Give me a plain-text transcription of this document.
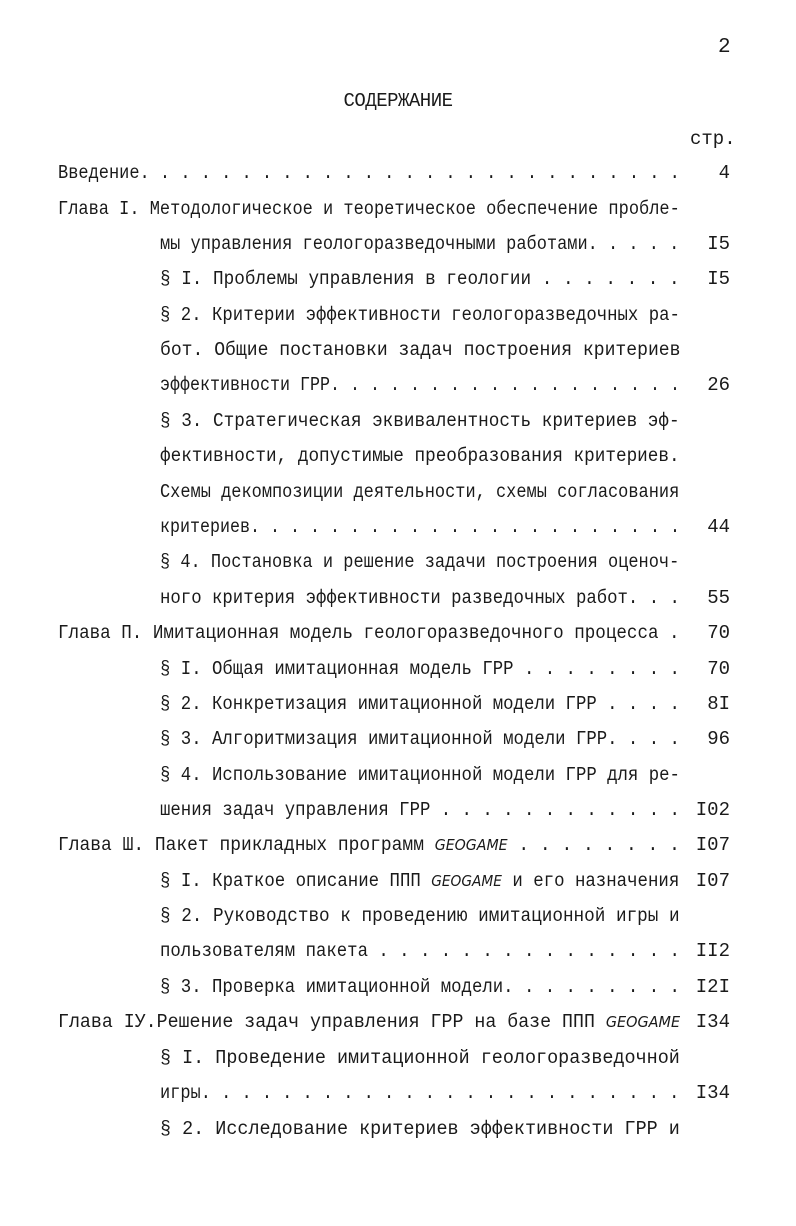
2
СОДЕРЖАНИЕ
стр.
Введение. . . . . . . . . . . . . . . . . . . . . . . . . . . 4
Глава I. Методологическое и теоретическое обеспечение пробле-
мы управления геологоразведочными работами. . . . . I5
§ I. Проблемы управления в геологии . . . . . . . I5
§ 2. Критерии эффективности геологоразведочных ра-
бот. Общие постановки задач построения критериев
эффективности ГРР. . . . . . . . . . . . . . . . . . 26
§ 3. Стратегическая эквивалентность критериев эф-
фективности, допустимые преобразования критериев.
Схемы декомпозиции деятельности, схемы согласования
критериев. . . . . . . . . . . . . . . . . . . . . . 44
§ 4. Постановка и решение задачи построения оценоч-
ного критерия эффективности разведочных работ. . . 55
Глава П. Имитационная модель геологоразведочного процесса . 70
§ I. Общая имитационная модель ГРР . . . . . . . . 70
§ 2. Конкретизация имитационной модели ГРР . . . . 8I
§ 3. Алгоритмизация имитационной модели ГРР. . . . 96
§ 4. Использование имитационной модели ГРР для ре-
шения задач управления ГРР . . . . . . . . . . . . I02
Глава Ш. Пакет прикладных программ GEOGAME . . . . . . . . I07
§ I. Краткое описание ППП GEOGAME и его назначения I07
§ 2. Руководство к проведению имитационной игры и
пользователям пакета . . . . . . . . . . . . . . . II2
§ 3. Проверка имитационной модели. . . . . . . . . I2I
Глава IУ.Решение задач управления ГРР на базе ППП GEOGAME I34
§ I. Проведение имитационной геологоразведочной
игры. . . . . . . . . . . . . . . . . . . . . . . . I34
§ 2. Исследование критериев эффективности ГРР и
